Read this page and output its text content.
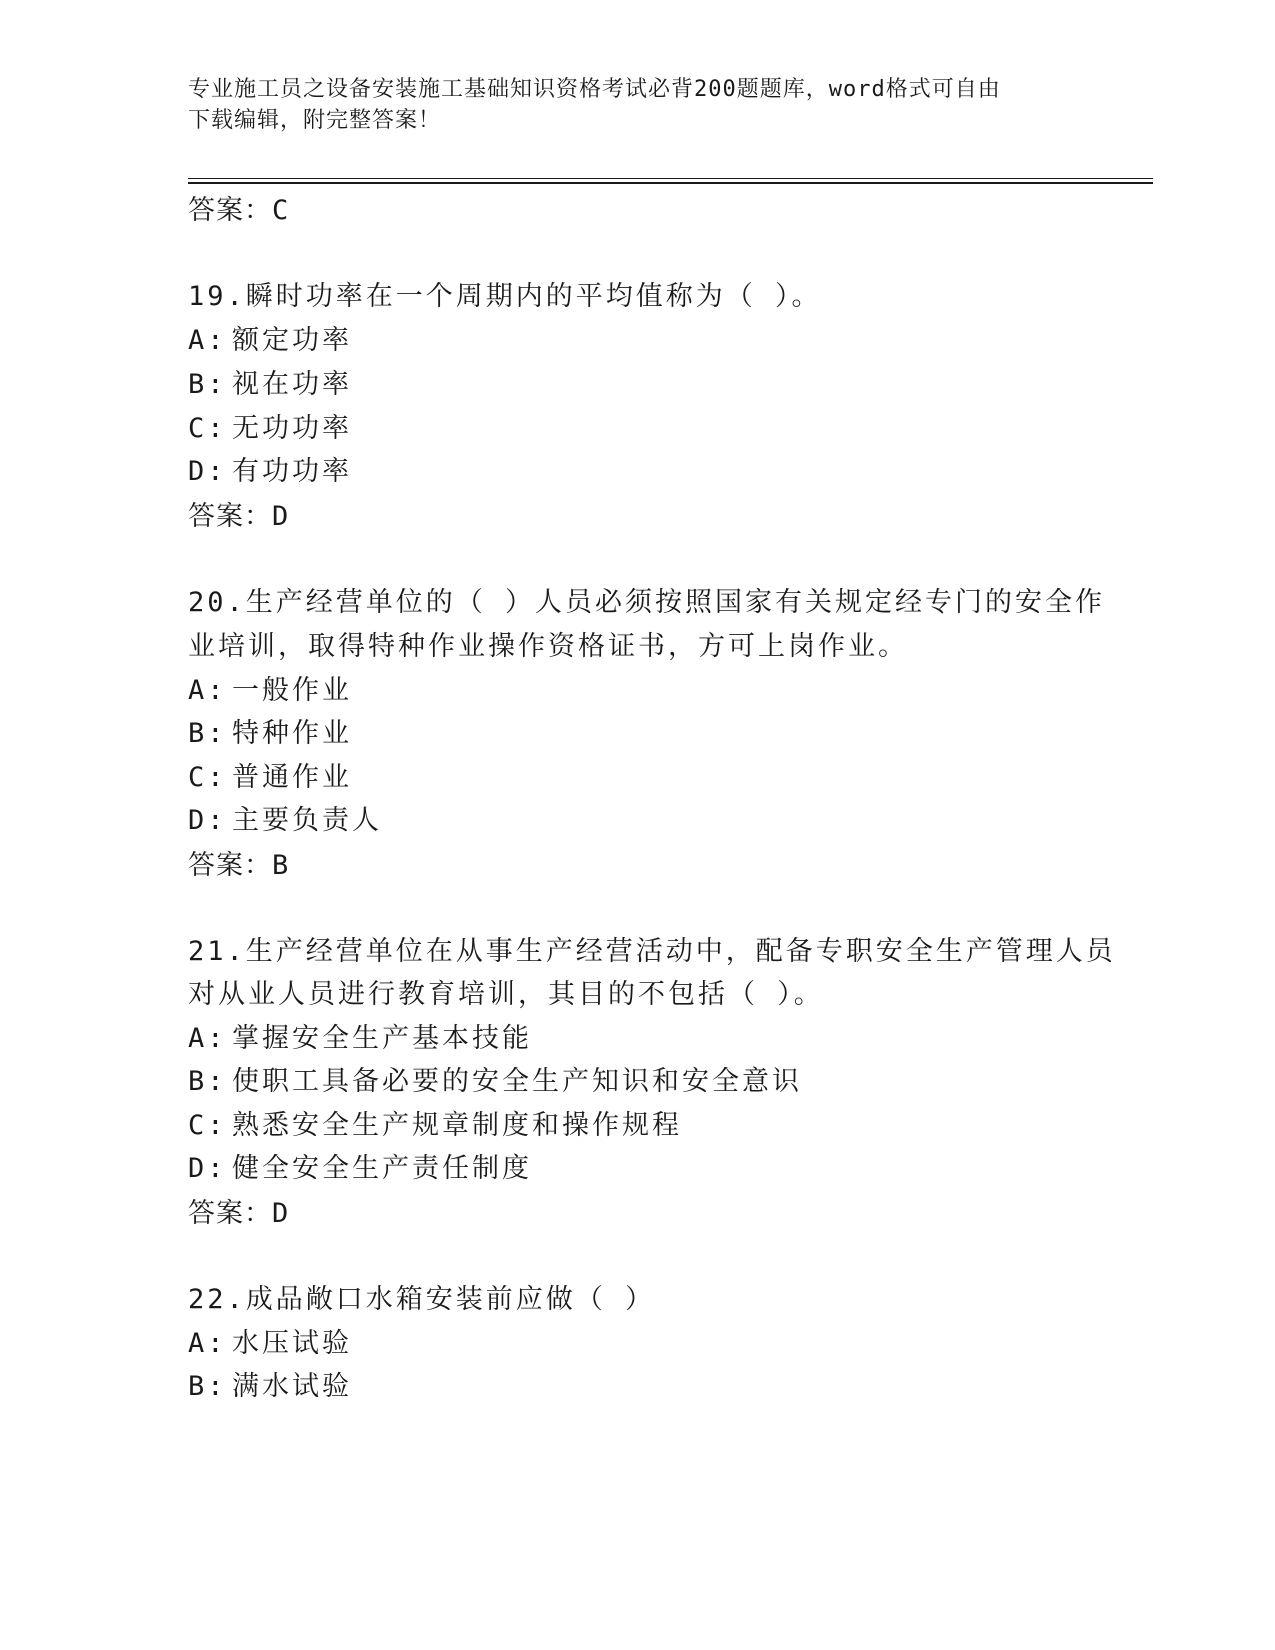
专业施工员之设备安装施工基础知识资格考试必背200题题库，word格式可自由
下载编辑，附完整答案！
答案：C
19.瞬时功率在一个周期内的平均值称为（ ）。
A: 额定功率
B: 视在功率
C: 无功功率
D: 有功功率
答案：D
20.生产经营单位的（ ）人员必须按照国家有关规定经专门的安全作
业培训，取得特种作业操作资格证书，方可上岗作业。
A: 一般作业
B: 特种作业
C: 普通作业
D: 主要负责人
答案：B
21.生产经营单位在从事生产经营活动中，配备专职安全生产管理人员
对从业人员进行教育培训，其目的不包括（ ）。
A: 掌握安全生产基本技能
B: 使职工具备必要的安全生产知识和安全意识
C: 熟悉安全生产规章制度和操作规程
D: 健全安全生产责任制度
答案：D
22.成品敞口水箱安装前应做（ ）
A: 水压试验
B: 满水试验
